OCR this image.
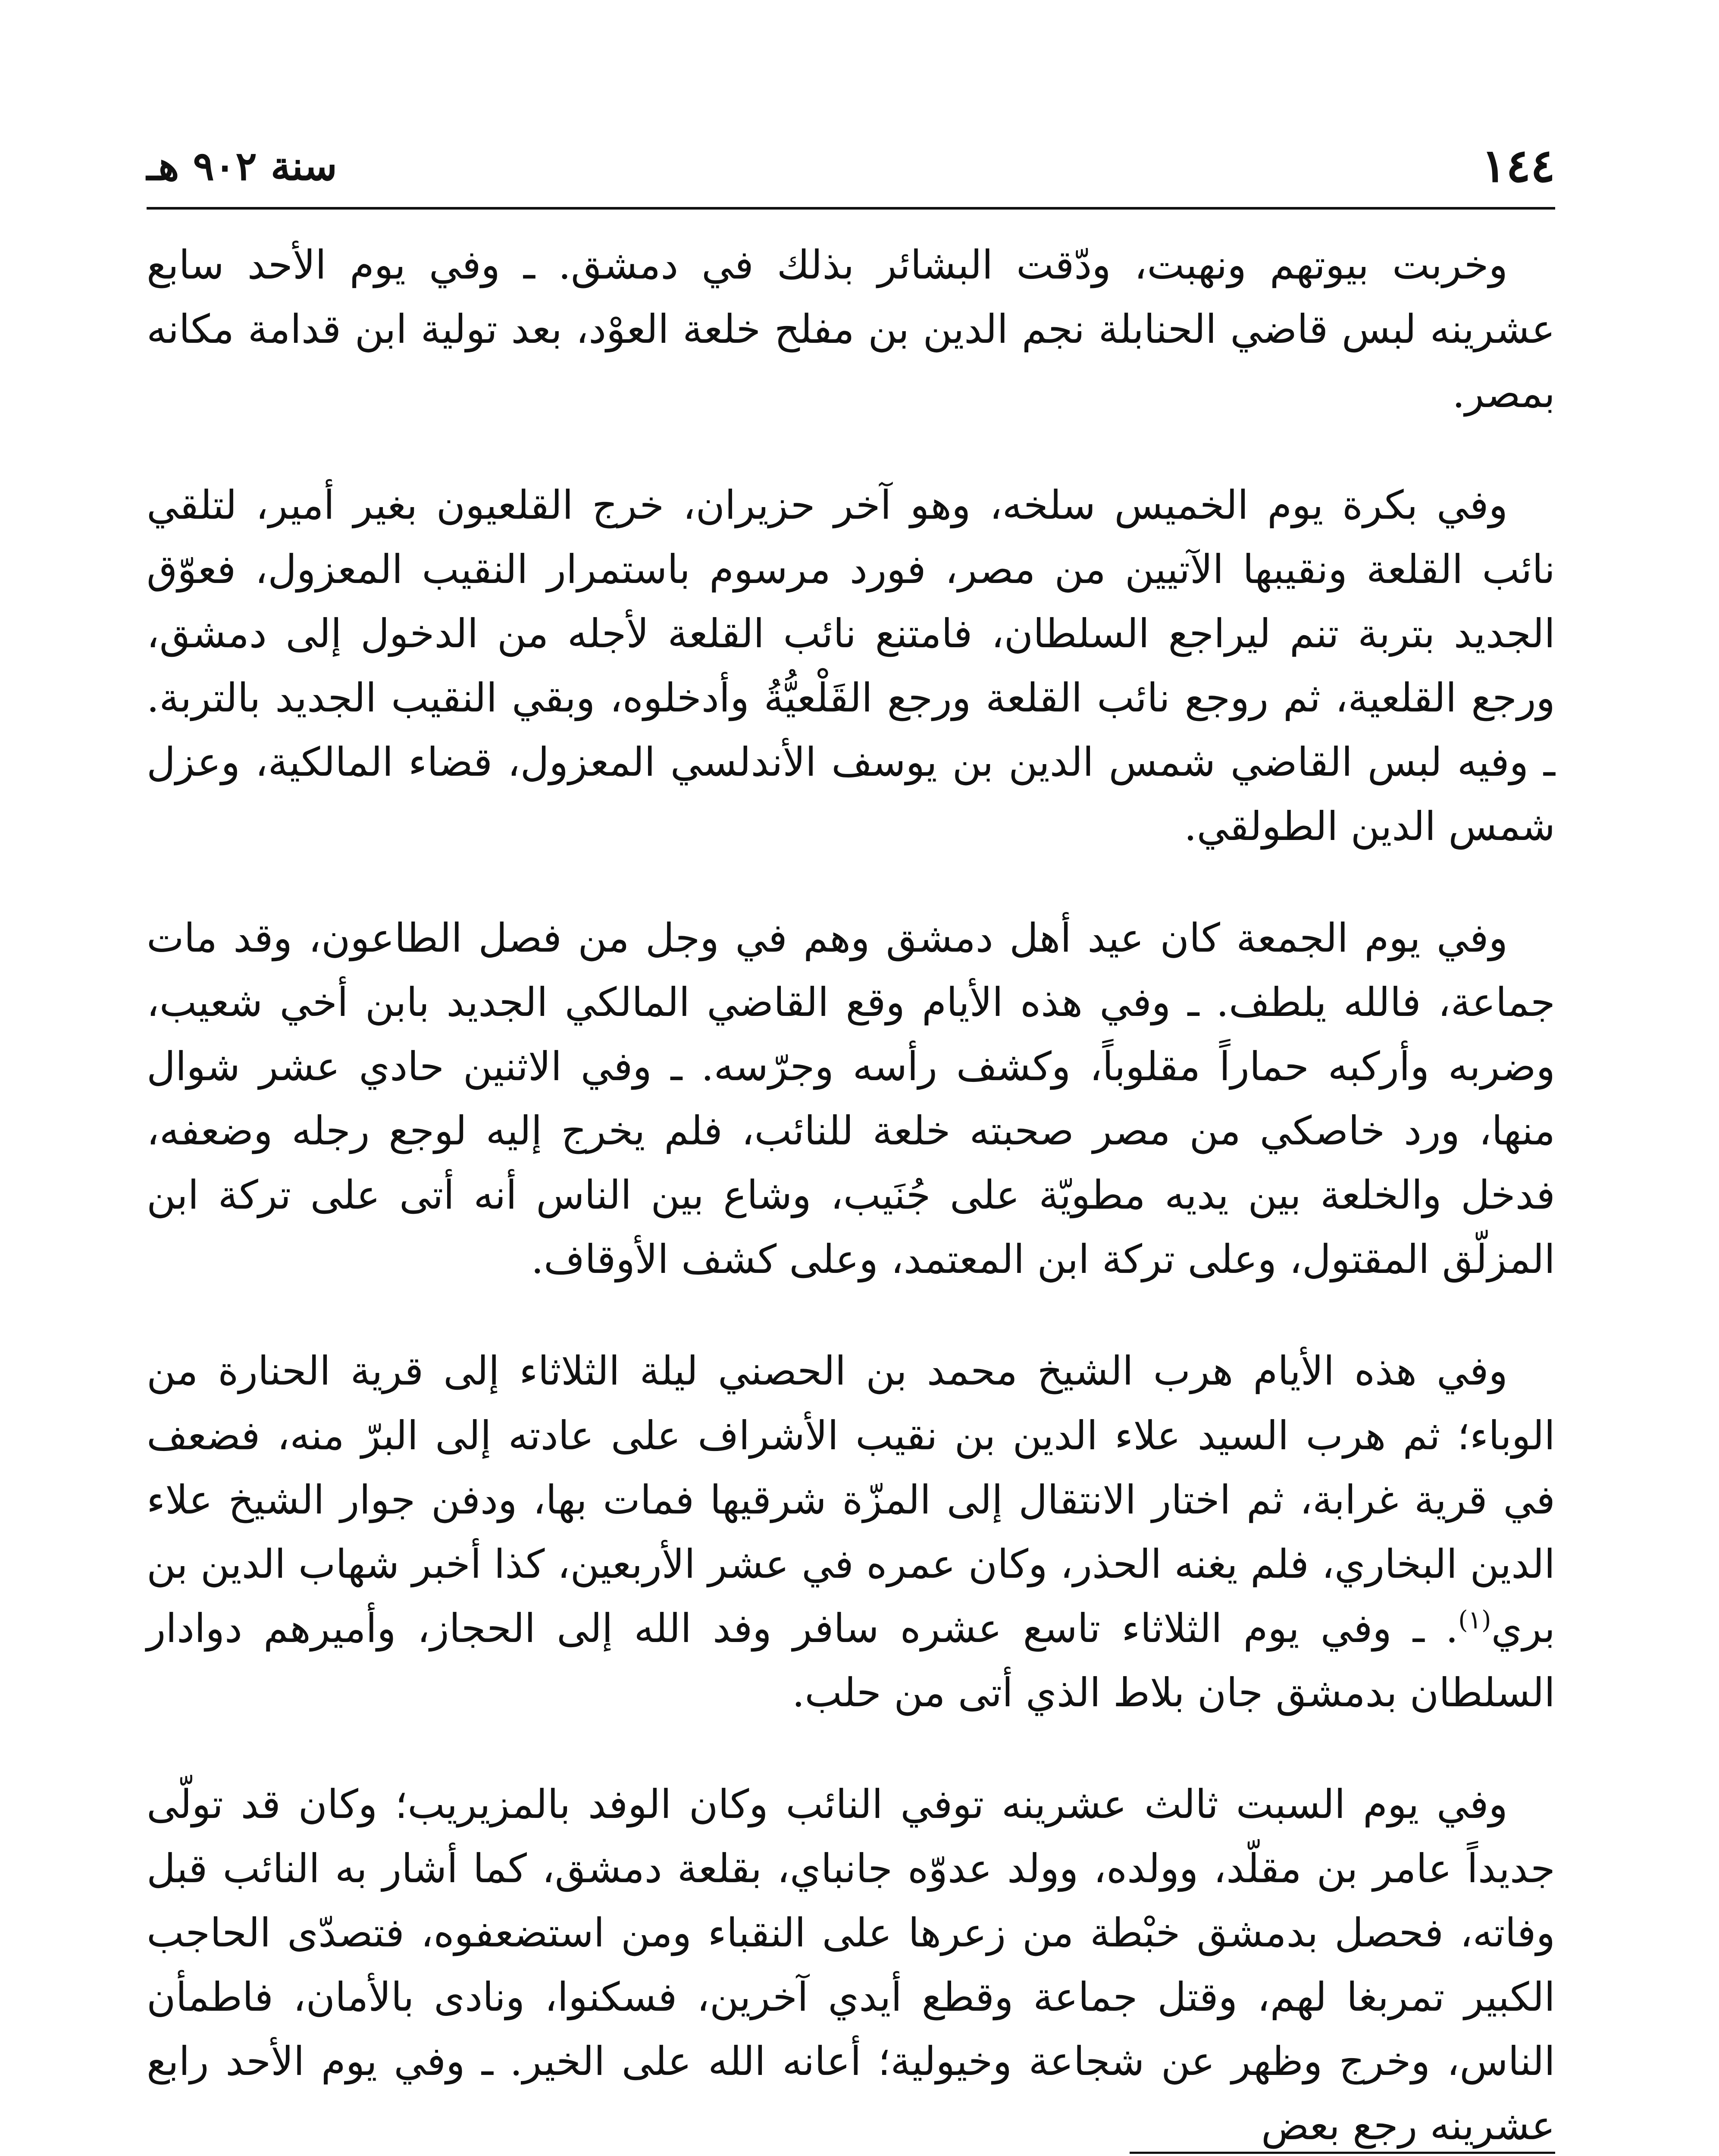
١٤٤
سنة ٩٠٢ هـ

وخربت بيوتهم ونهبت، ودّقت البشائر بذلك في دمشق. ـ وفي يوم الأحد سابع عشرينه لبس قاضي الحنابلة نجم الدين بن مفلح خلعة العوْد، بعد تولية ابن قدامة مكانه بمصر.

وفي بكرة يوم الخميس سلخه، وهو آخر حزيران، خرج القلعيون بغير أمير، لتلقي نائب القلعة ونقيبها الآتيين من مصر، فورد مرسوم باستمرار النقيب المعزول، فعوّق الجديد بتربة تنم ليراجع السلطان، فامتنع نائب القلعة لأجله من الدخول إلى دمشق، ورجع القلعية، ثم روجع نائب القلعة ورجع القَلْعيُّةُ وأدخلوه، وبقي النقيب الجديد بالتربة. ـ وفيه لبس القاضي شمس الدين بن يوسف الأندلسي المعزول، قضاء المالكية، وعزل شمس الدين الطولقي.

وفي يوم الجمعة كان عيد أهل دمشق وهم في وجل من فصل الطاعون، وقد مات جماعة، فالله يلطف. ـ وفي هذه الأيام وقع القاضي المالكي الجديد بابن أخي شعيب، وضربه وأركبه حماراً مقلوباً، وكشف رأسه وجرّسه. ـ وفي الاثنين حادي عشر شوال منها، ورد خاصكي من مصر صحبته خلعة للنائب، فلم يخرج إليه لوجع رجله وضعفه، فدخل والخلعة بين يديه مطويّة على جُنَيب، وشاع بين الناس أنه أتى على تركة ابن المزلّق المقتول، وعلى تركة ابن المعتمد، وعلى كشف الأوقاف.

وفي هذه الأيام هرب الشيخ محمد بن الحصني ليلة الثلاثاء إلى قرية الحنارة من الوباء؛ ثم هرب السيد علاء الدين بن نقيب الأشراف على عادته إلى البرّ منه، فضعف في قرية غرابة، ثم اختار الانتقال إلى المزّة شرقيها فمات بها، ودفن جوار الشيخ علاء الدين البخاري، فلم يغنه الحذر، وكان عمره في عشر الأربعين، كذا أخبر شهاب الدين بن بري$^{(١)}$. ـ وفي يوم الثلاثاء تاسع عشره سافر وفد الله إلى الحجاز، وأميرهم دوادار السلطان بدمشق جان بلاط الذي أتى من حلب.

وفي يوم السبت ثالث عشرينه توفي النائب وكان الوفد بالمزيريب؛ وكان قد تولّى جديداً عامر بن مقلّد، وولده، وولد عدوّه جانباي، بقلعة دمشق، كما أشار به النائب قبل وفاته، فحصل بدمشق خبْطة من زعرها على النقباء ومن استضعفوه، فتصدّى الحاجب الكبير تمربغا لهم، وقتل جماعة وقطع أيدي آخرين، فسكنوا، ونادى بالأمان، فاطمأن الناس، وخرج وظهر عن شجاعة وخيولية؛ أعانه الله على الخير. ـ وفي يوم الأحد رابع عشرينه رجع بعض
